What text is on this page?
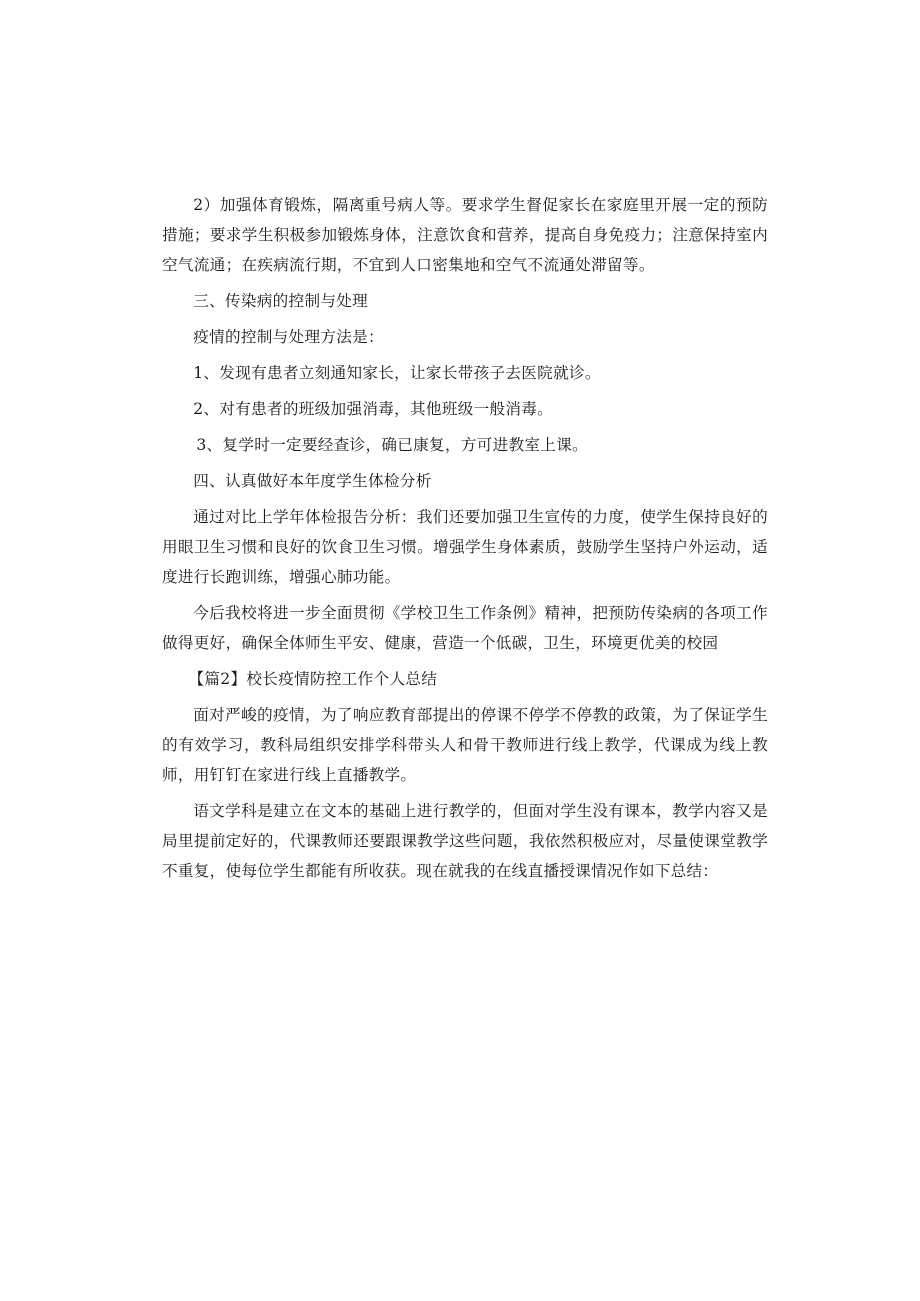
2）加强体育锻炼，隔离重号病人等。要求学生督促家长在家庭里开展一定的预防措施；要求学生积极参加锻炼身体，注意饮食和营养，提高自身免疫力；注意保持室内空气流通；在疾病流行期，不宜到人口密集地和空气不流通处滞留等。

三、传染病的控制与处理

疫情的控制与处理方法是：

1、发现有患者立刻通知家长，让家长带孩子去医院就诊。

2、对有患者的班级加强消毒，其他班级一般消毒。

3、复学时一定要经查诊，确已康复，方可进教室上课。

四、认真做好本年度学生体检分析

通过对比上学年体检报告分析：我们还要加强卫生宣传的力度，使学生保持良好的用眼卫生习惯和良好的饮食卫生习惯。增强学生身体素质，鼓励学生坚持户外运动，适度进行长跑训练，增强心肺功能。

今后我校将进一步全面贯彻《学校卫生工作条例》精神，把预防传染病的各项工作做得更好，确保全体师生平安、健康，营造一个低碳，卫生，环境更优美的校园

【篇2】校长疫情防控工作个人总结

面对严峻的疫情，为了响应教育部提出的停课不停学不停教的政策，为了保证学生的有效学习，教科局组织安排学科带头人和骨干教师进行线上教学，代课成为线上教师，用钉钉在家进行线上直播教学。

语文学科是建立在文本的基础上进行教学的，但面对学生没有课本，教学内容又是局里提前定好的，代课教师还要跟课教学这些问题，我依然积极应对，尽量使课堂教学不重复，使每位学生都能有所收获。现在就我的在线直播授课情况作如下总结：
